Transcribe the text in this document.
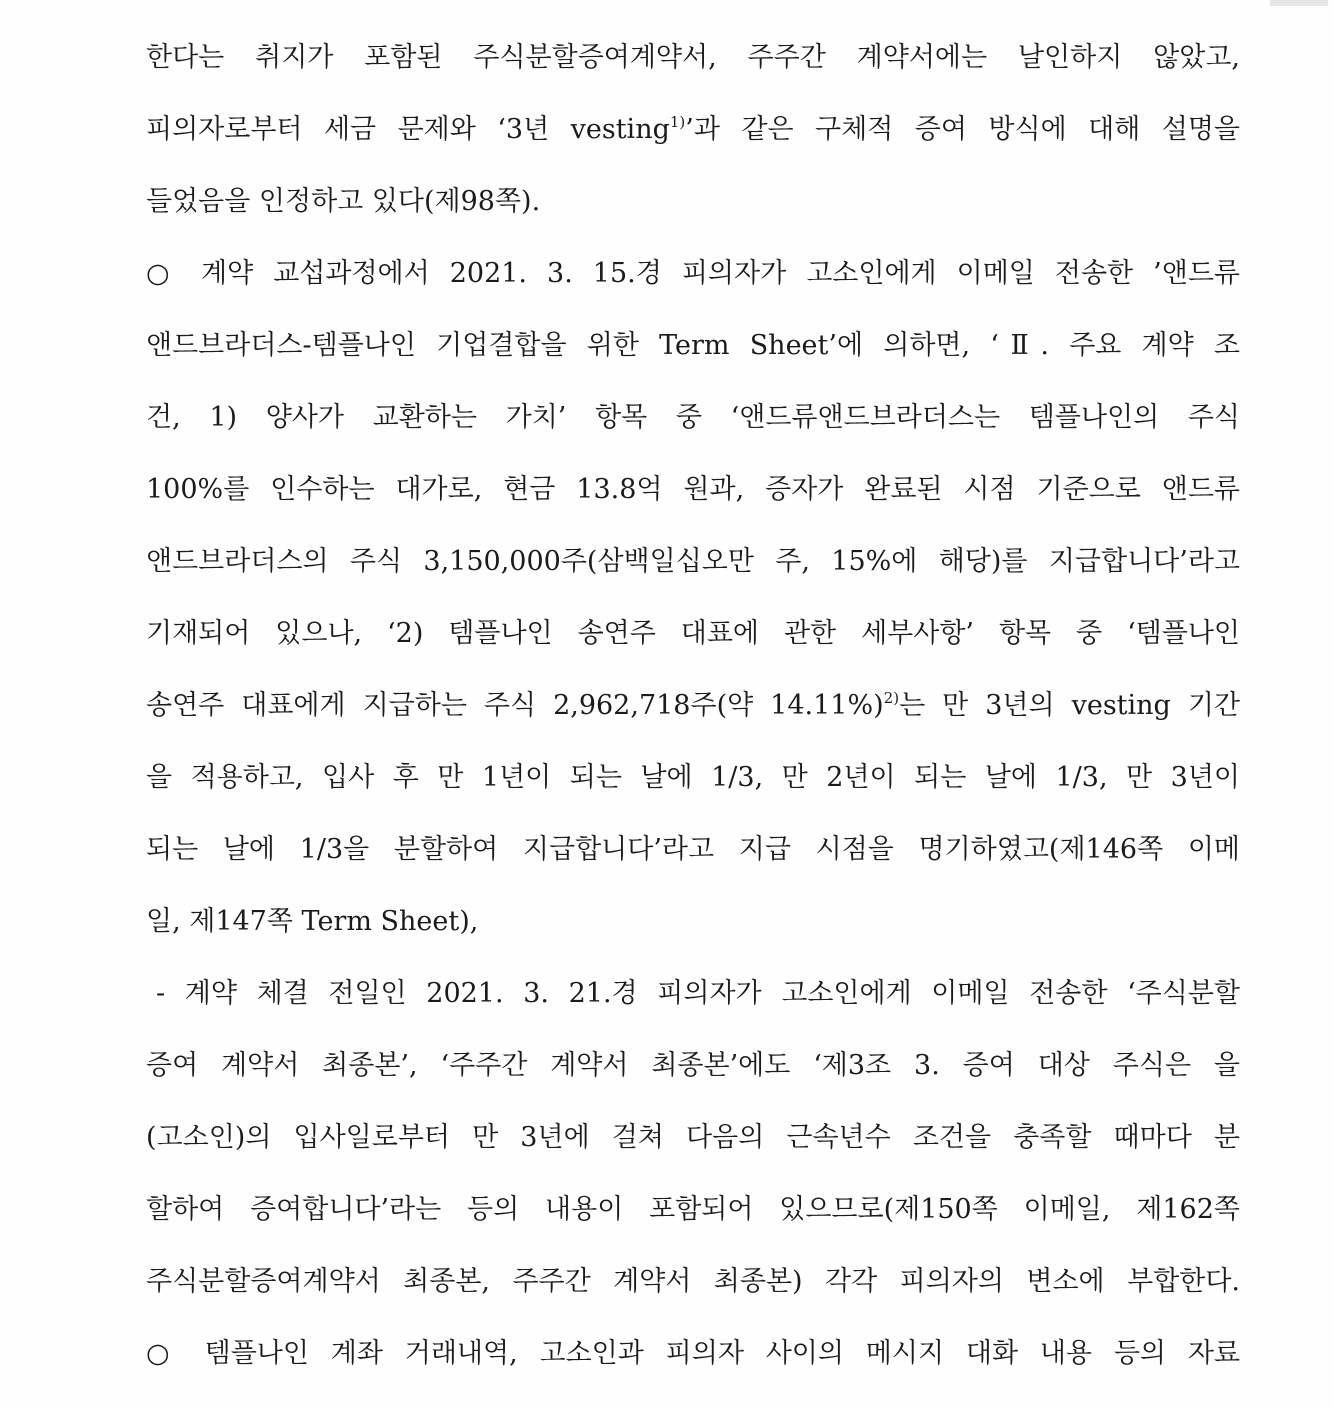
한다는 취지가 포함된 주식분할증여계약서, 주주간 계약서에는 날인하지 않았고,
피의자로부터 세금 문제와 ‘3년 vesting$^{1)}$’과 같은 구체적 증여 방식에 대해 설명을
들었음을 인정하고 있다(제98쪽).
○ 계약 교섭과정에서 2021. 3. 15.경 피의자가 고소인에게 이메일 전송한 ’앤드류
앤드브라더스-템플나인 기업결합을 위한 Term Sheet’에 의하면, ‘Ⅱ. 주요 계약 조
건, 1) 양사가 교환하는 가치’ 항목 중 ‘앤드류앤드브라더스는 템플나인의 주식
100%를 인수하는 대가로, 현금 13.8억 원과, 증자가 완료된 시점 기준으로 앤드류
앤드브라더스의 주식 3,150,000주(삼백일십오만 주, 15%에 해당)를 지급합니다’라고
기재되어 있으나, ‘2) 템플나인 송연주 대표에 관한 세부사항’ 항목 중 ‘템플나인
송연주 대표에게 지급하는 주식 2,962,718주(약 14.11%)$^{2)}$는 만 3년의 vesting 기간
을 적용하고, 입사 후 만 1년이 되는 날에 1/3, 만 2년이 되는 날에 1/3, 만 3년이
되는 날에 1/3을 분할하여 지급합니다’라고 지급 시점을 명기하였고(제146쪽 이메
일, 제147쪽 Term Sheet),
- 계약 체결 전일인 2021. 3. 21.경 피의자가 고소인에게 이메일 전송한 ‘주식분할
증여 계약서 최종본’, ‘주주간 계약서 최종본’에도 ‘제3조 3. 증여 대상 주식은 을
(고소인)의 입사일로부터 만 3년에 걸쳐 다음의 근속년수 조건을 충족할 때마다 분
할하여 증여합니다’라는 등의 내용이 포함되어 있으므로(제150쪽 이메일, 제162쪽
주식분할증여계약서 최종본, 주주간 계약서 최종본) 각각 피의자의 변소에 부합한다.
○ 템플나인 계좌 거래내역, 고소인과 피의자 사이의 메시지 대화 내용 등의 자료
